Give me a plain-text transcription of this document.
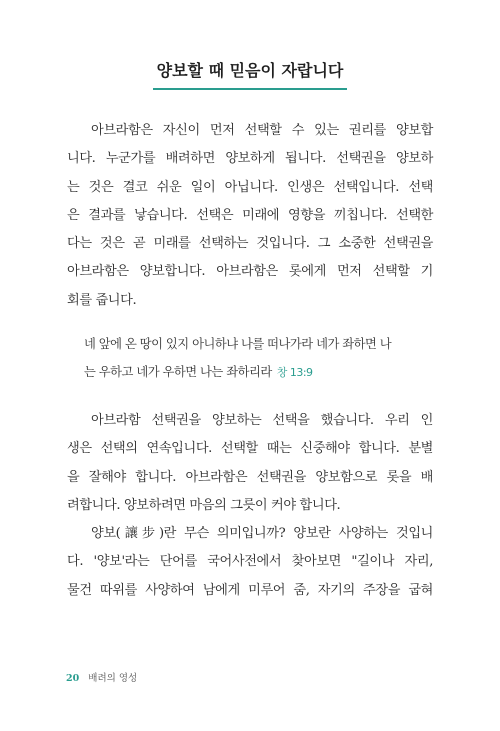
양보할 때 믿음이 자랍니다
아브라함은 자신이 먼저 선택할 수 있는 권리를 양보합
니다. 누군가를 배려하면 양보하게 됩니다. 선택권을 양보하
는 것은 결코 쉬운 일이 아닙니다. 인생은 선택입니다. 선택
은 결과를 낳습니다. 선택은 미래에 영향을 끼칩니다. 선택한
다는 것은 곧 미래를 선택하는 것입니다. 그 소중한 선택권을
아브라함은 양보합니다. 아브라함은 롯에게 먼저 선택할 기
회를 줍니다.
네 앞에 온 땅이 있지 아니하냐 나를 떠나가라 네가 좌하면 나
는 우하고 네가 우하면 나는 좌하리라 창 13:9
아브라함 선택권을 양보하는 선택을 했습니다. 우리 인
생은 선택의 연속입니다. 선택할 때는 신중해야 합니다. 분별
을 잘해야 합니다. 아브라함은 선택권을 양보함으로 롯을 배
려합니다. 양보하려면 마음의 그릇이 커야 합니다.
양보(讓步)란 무슨 의미입니까? 양보란 사양하는 것입니
다. '양보'라는 단어를 국어사전에서 찾아보면 "길이나 자리,
물건 따위를 사양하여 남에게 미루어 줌, 자기의 주장을 굽혀
20 배려의 영성
